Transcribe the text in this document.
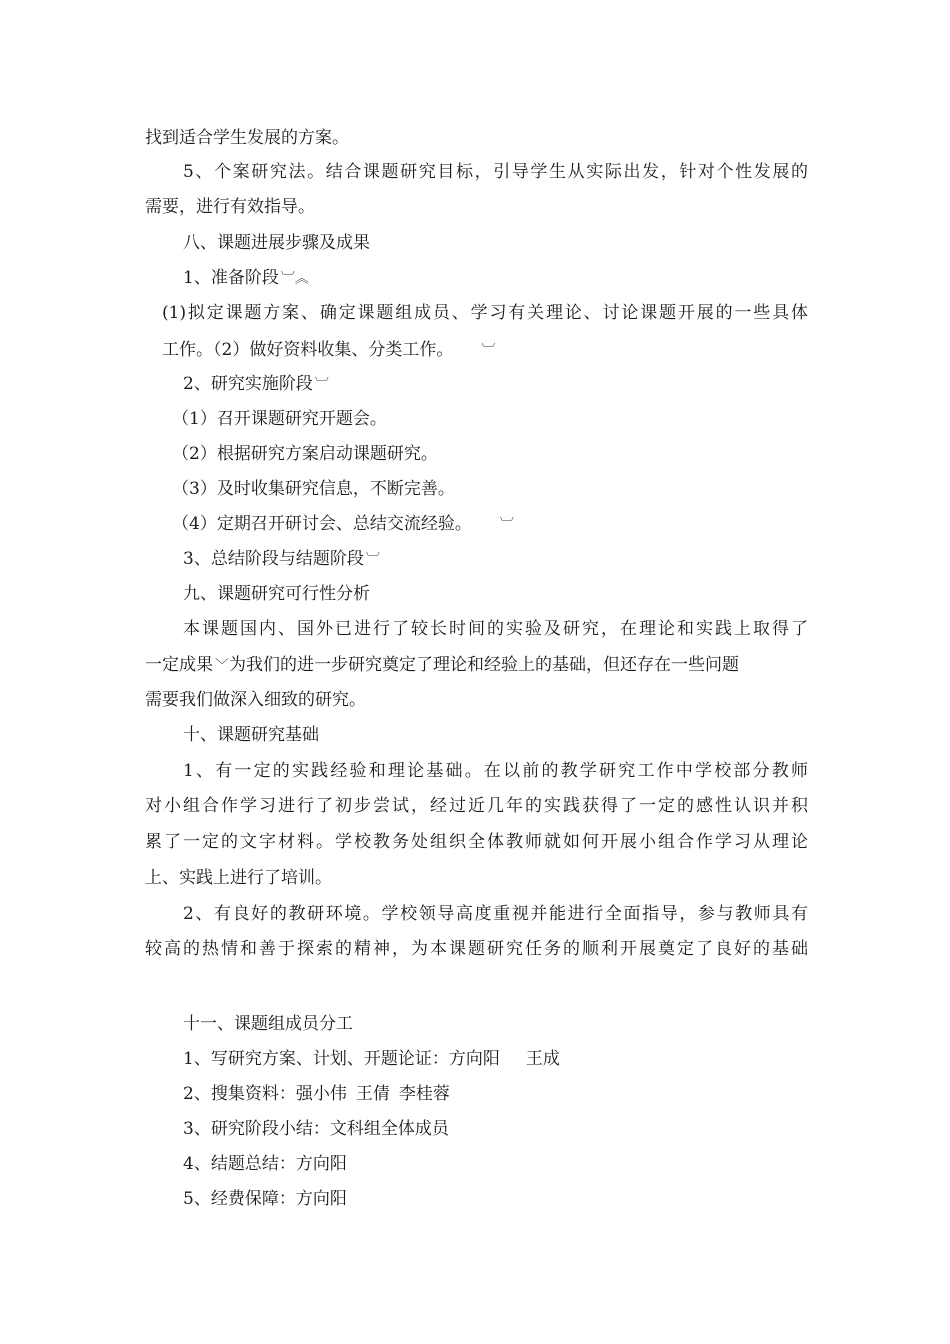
找到适合学生发展的方案。
5、个案研究法。结合课题研究目标，引导学生从实际出发，针对个性发展的
需要，进行有效指导。
八、课题进展步骤及成果
1、准备阶段 ︺︽
(1)拟定课题方案、确定课题组成员、学习有关理论、讨论课题开展的一些具体
工作。（2）做好资料收集、分类工作。 ︺
2、研究实施阶段 ︺
（1）召开课题研究开题会。
（2）根据研究方案启动课题研究。
（3）及时收集研究信息，不断完善。
（4）定期召开研讨会、总结交流经验。 ︺
3、总结阶段与结题阶段 ︺
九、课题研究可行性分析
本课题国内、国外已进行了较长时间的实验及研究，在理论和实践上取得了
一定成果 ﹀为我们的进一步研究奠定了理论和经验上的基础，但还存在一些问题
需要我们做深入细致的研究。
十、课题研究基础
1、有一定的实践经验和理论基础。在以前的教学研究工作中学校部分教师
对小组合作学习进行了初步尝试，经过近几年的实践获得了一定的感性认识并积
累了一定的文字材料。学校教务处组织全体教师就如何开展小组合作学习从理论
上、实践上进行了培训。
2、有良好的教研环境。学校领导高度重视并能进行全面指导，参与教师具有
较高的热情和善于探索的精神，为本课题研究任务的顺利开展奠定了良好的基础
十一、课题组成员分工
1、写研究方案、计划、开题论证：方向阳 王成
2、搜集资料：强小伟 王倩 李桂蓉
3、研究阶段小结：文科组全体成员
4、结题总结：方向阳
5、经费保障：方向阳
